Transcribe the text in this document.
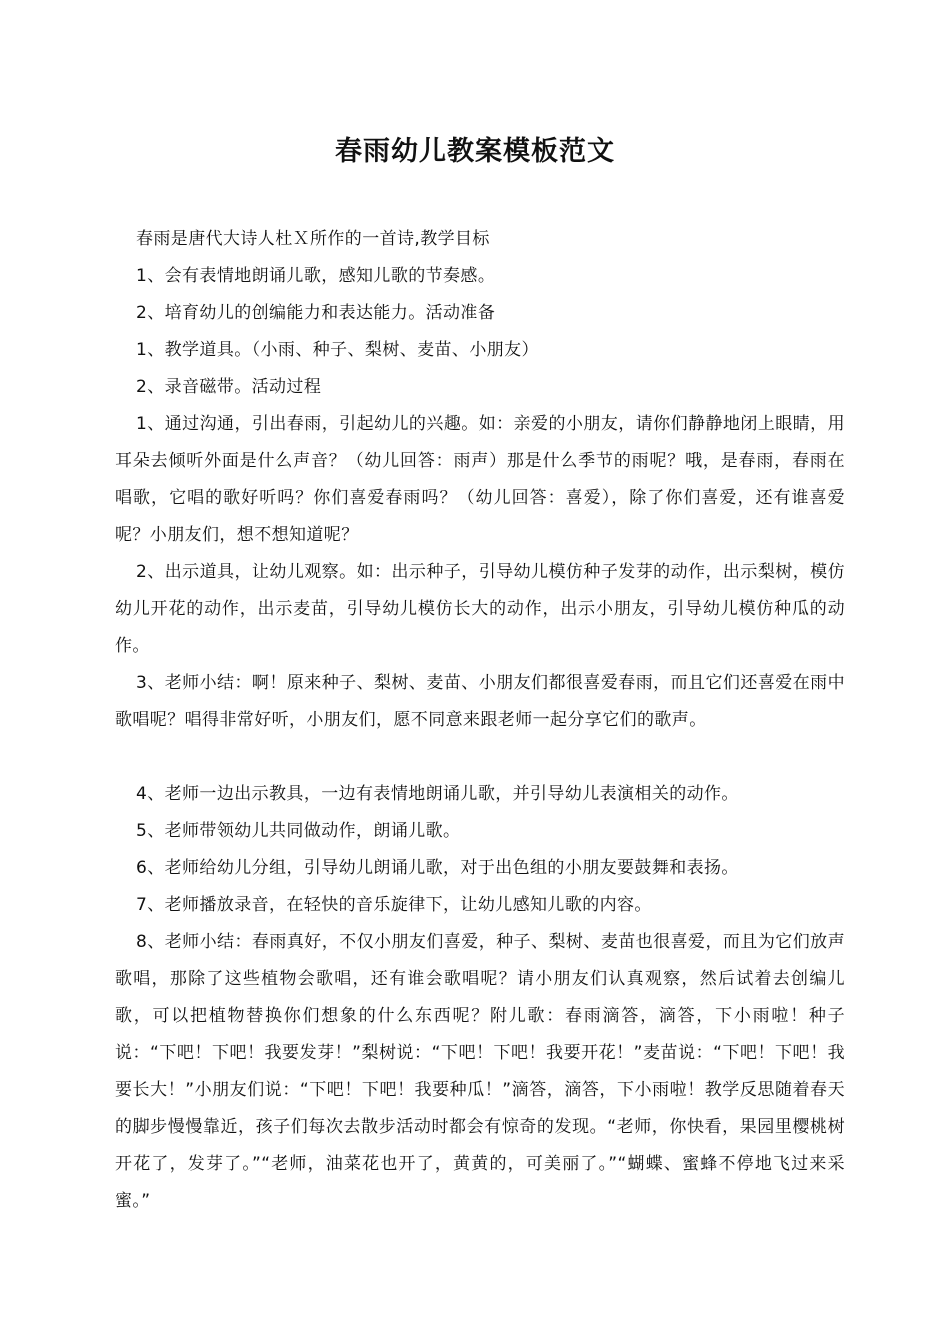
春雨幼儿教案模板范文

春雨是唐代大诗人杜Ｘ所作的一首诗,教学目标

1、会有表情地朗诵儿歌，感知儿歌的节奏感。

2、培育幼儿的创编能力和表达能力。活动准备

1、教学道具。（小雨、种子、梨树、麦苗、小朋友）

2、录音磁带。活动过程

1、通过沟通，引出春雨，引起幼儿的兴趣。如：亲爱的小朋友，请你们静静地闭上眼睛，用耳朵去倾听外面是什么声音？（幼儿回答：雨声）那是什么季节的雨呢？哦，是春雨，春雨在唱歌，它唱的歌好听吗？你们喜爱春雨吗？（幼儿回答：喜爱），除了你们喜爱，还有谁喜爱呢？小朋友们，想不想知道呢？

2、出示道具，让幼儿观察。如：出示种子，引导幼儿模仿种子发芽的动作，出示梨树，模仿幼儿开花的动作，出示麦苗，引导幼儿模仿长大的动作，出示小朋友，引导幼儿模仿种瓜的动作。

3、老师小结：啊！原来种子、梨树、麦苗、小朋友们都很喜爱春雨，而且它们还喜爱在雨中歌唱呢？唱得非常好听，小朋友们，愿不同意来跟老师一起分享它们的歌声。

4、老师一边出示教具，一边有表情地朗诵儿歌，并引导幼儿表演相关的动作。

5、老师带领幼儿共同做动作，朗诵儿歌。

6、老师给幼儿分组，引导幼儿朗诵儿歌，对于出色组的小朋友要鼓舞和表扬。

7、老师播放录音，在轻快的音乐旋律下，让幼儿感知儿歌的内容。

8、老师小结：春雨真好，不仅小朋友们喜爱，种子、梨树、麦苗也很喜爱，而且为它们放声歌唱，那除了这些植物会歌唱，还有谁会歌唱呢？请小朋友们认真观察，然后试着去创编儿歌，可以把植物替换你们想象的什么东西呢？附儿歌：春雨滴答，滴答，下小雨啦！种子说：“下吧！下吧！我要发芽！”梨树说：“下吧！下吧！我要开花！”麦苗说：“下吧！下吧！我要长大！”小朋友们说：“下吧！下吧！我要种瓜！”滴答，滴答，下小雨啦！教学反思随着春天的脚步慢慢靠近，孩子们每次去散步活动时都会有惊奇的发现。“老师，你快看，果园里樱桃树开花了，发芽了。”“老师，油菜花也开了，黄黄的，可美丽了。”“蝴蝶、蜜蜂不停地飞过来采蜜。”
